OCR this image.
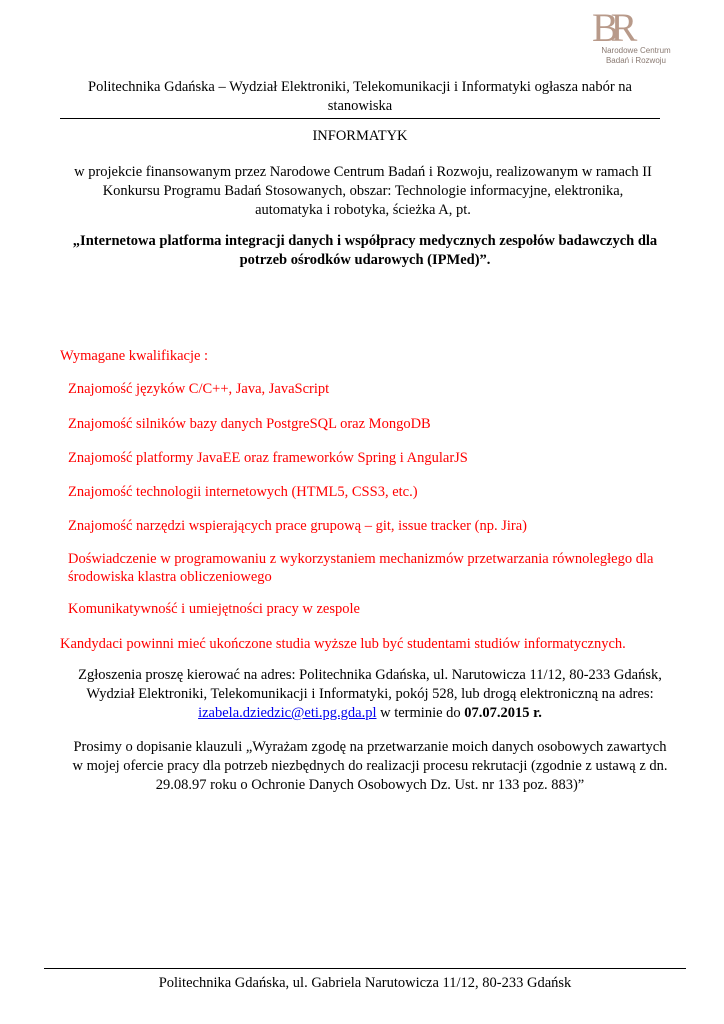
BR
Narodowe Centrum
Badań i Rozwoju
Politechnika Gdańska – Wydział Elektroniki, Telekomunikacji i Informatyki ogłasza nabór na
stanowiska
INFORMATYK
w projekcie finansowanym przez Narodowe Centrum Badań i Rozwoju, realizowanym w ramach II
Konkursu Programu Badań Stosowanych, obszar: Technologie informacyjne, elektronika,
automatyka i robotyka, ścieżka A, pt.
„Internetowa platforma integracji danych i współpracy medycznych zespołów badawczych dla
potrzeb ośrodków udarowych (IPMed)”.
Wymagane kwalifikacje :
Znajomość języków C/C++, Java, JavaScript
Znajomość silników bazy danych PostgreSQL oraz MongoDB
Znajomość platformy JavaEE oraz frameworków Spring i AngularJS
Znajomość technologii internetowych (HTML5, CSS3, etc.)
Znajomość narzędzi wspierających prace grupową – git, issue tracker (np. Jira)
Doświadczenie w programowaniu z wykorzystaniem mechanizmów przetwarzania równoległego dla
środowiska klastra obliczeniowego
Komunikatywność i umiejętności pracy w zespole
Kandydaci powinni mieć ukończone studia wyższe lub być studentami studiów informatycznych.
Zgłoszenia proszę kierować na adres: Politechnika Gdańska, ul. Narutowicza 11/12, 80-233 Gdańsk,
Wydział Elektroniki, Telekomunikacji i Informatyki, pokój 528, lub drogą elektroniczną na adres:
izabela.dziedzic@eti.pg.gda.pl w terminie do 07.07.2015 r.
Prosimy o dopisanie klauzuli „Wyrażam zgodę na przetwarzanie moich danych osobowych zawartych
w mojej ofercie pracy dla potrzeb niezbędnych do realizacji procesu rekrutacji (zgodnie z ustawą z dn.
29.08.97 roku o Ochronie Danych Osobowych Dz. Ust. nr 133 poz. 883)”
Politechnika Gdańska, ul. Gabriela Narutowicza 11/12, 80-233 Gdańsk
